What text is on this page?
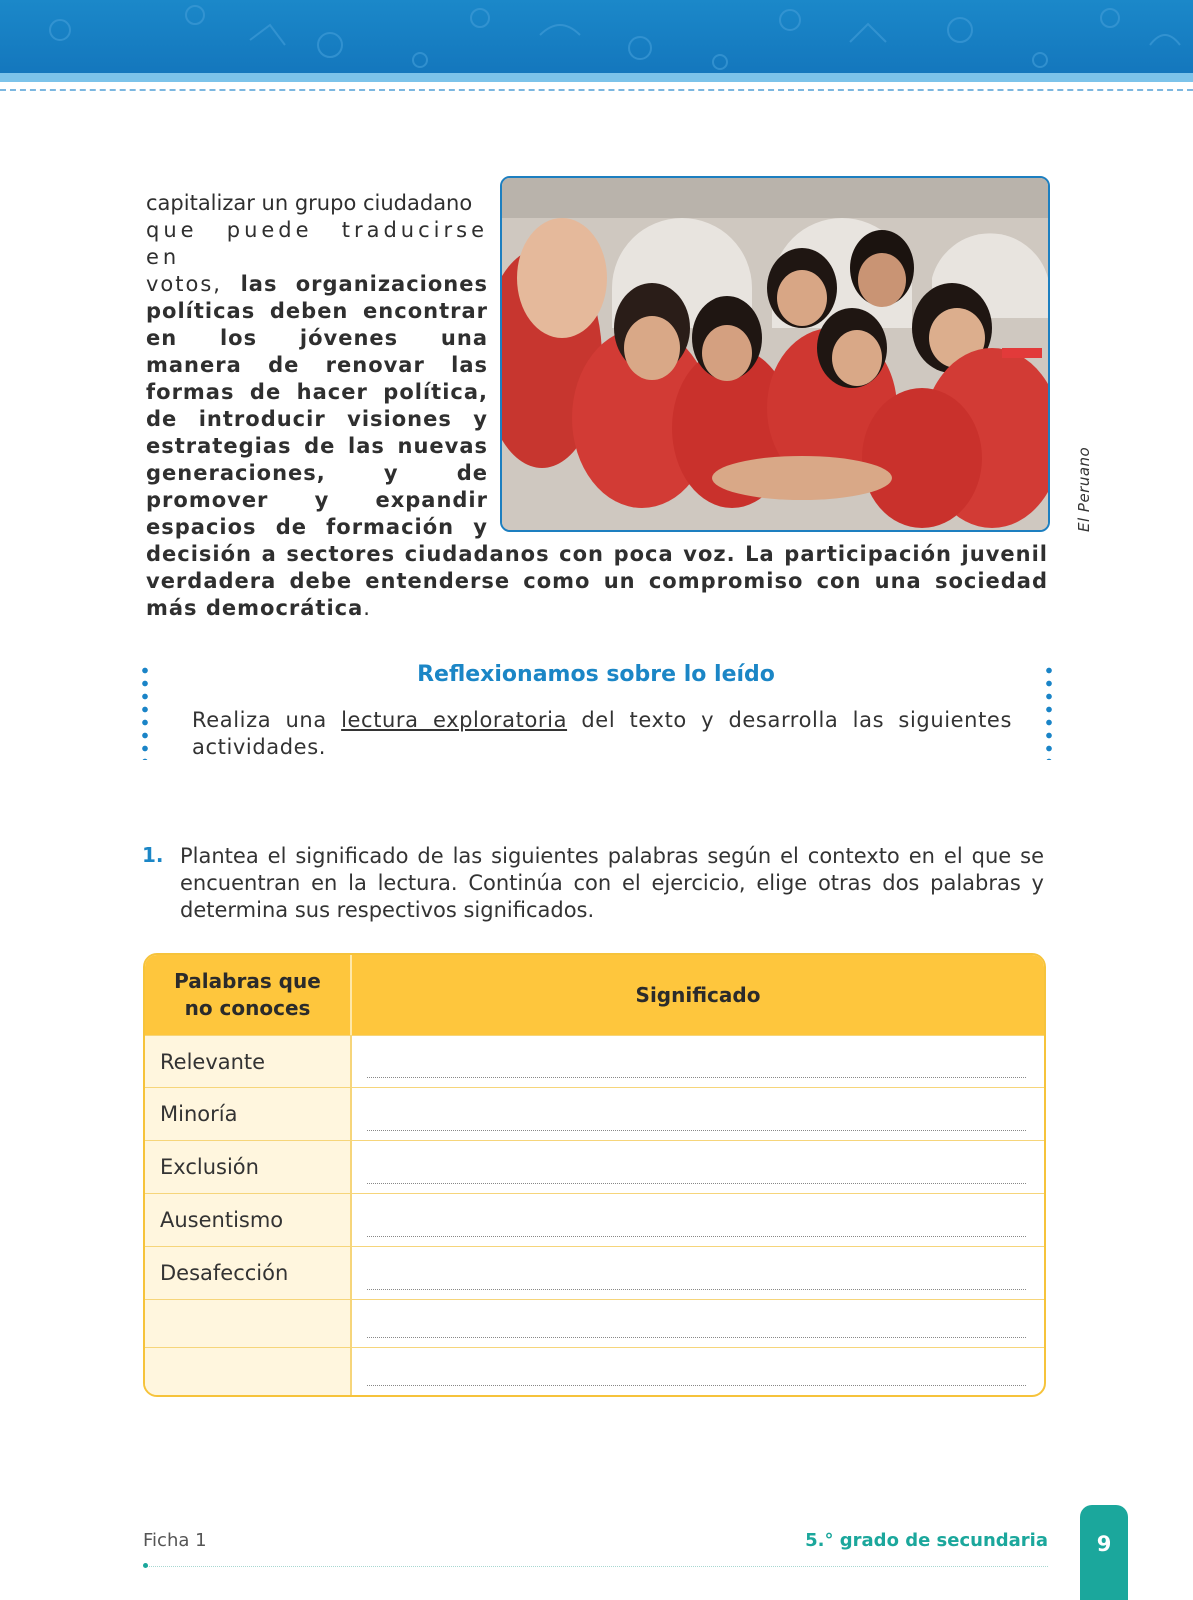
capitalizar un grupo ciudadano
que puede traducirse en
votos, las organizaciones políticas deben encontrar en los jóvenes una manera de renovar las formas de hacer política, de introducir visiones y estrategias de las nuevas generaciones, y de promover y expandir espacios de formación y decisión a sectores ciudadanos con poca voz. La participación juvenil verdadera debe entenderse como un compromiso con una sociedad más democrática.
El Peruano
Reflexionamos sobre lo leído
Realiza una lectura exploratoria del texto y desarrolla las siguientes actividades.
1. Plantea el significado de las siguientes palabras según el contexto en el que se encuentran en la lectura. Continúa con el ejercicio, elige otras dos palabras y determina sus respectivos significados.
Palabras que no conoces
Significado
Relevante
Minoría
Exclusión
Ausentismo
Desafección
Ficha 1	5.° grado de secundaria	9
